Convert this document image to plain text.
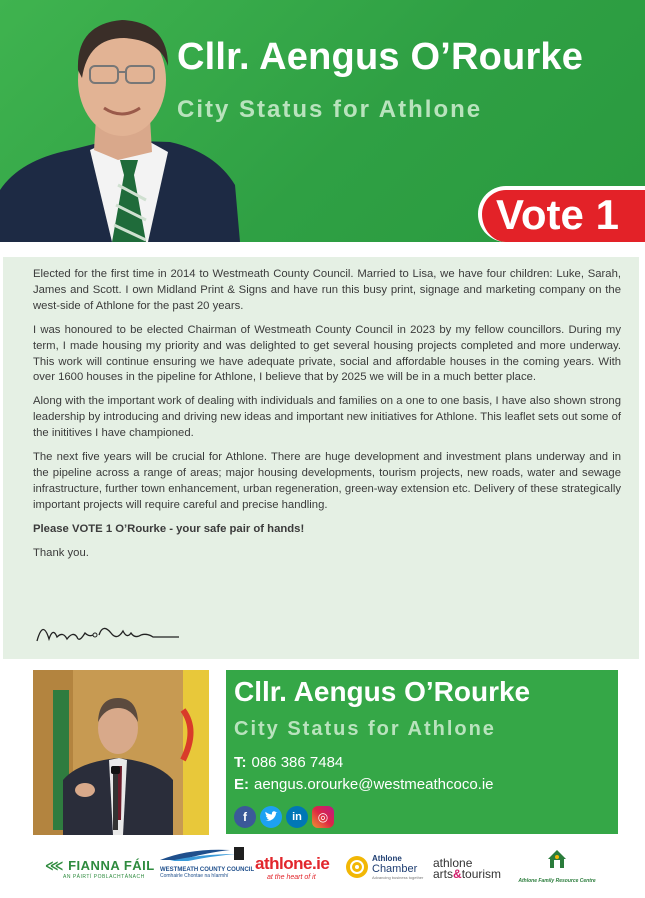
Cllr. Aengus O’Rourke
City Status for Athlone
Vote 1

Elected for the first time in 2014 to Westmeath County Council. Married to Lisa, we have four children: Luke, Sarah, James and Scott. I own Midland Print & Signs and have run this busy print, signage and marketing company on the west-side of Athlone for the past 20 years.

I was honoured to be elected Chairman of Westmeath County Council in 2023 by my fellow councillors. During my term, I made housing my priority and was delighted to get several housing projects completed and more underway. This work will continue ensuring we have adequate private, social and affordable houses in the coming years. With over 1600 houses in the pipeline for Athlone, I believe that by 2025 we will be in a much better place.

Along with the important work of dealing with individuals and families on a one to one basis, I have also shown strong leadership by introducing and driving new ideas and important new initiatives for Athlone. This leaflet sets out some of the inititives I have championed.

The next five years will be crucial for Athlone. There are huge development and investment plans underway and in the pipeline across a range of areas; major housing developments, tourism projects, new roads, water and sewage infrastructure, further town enhancement, urban regeneration, green-way extension etc. Delivery of these strategically important projects will require careful and precise handling.

Please VOTE 1 O’Rourke - your safe pair of hands!

Thank you.

Cllr. Aengus O’Rourke
City Status for Athlone
T: 086 386 7484
E: aengus.orourke@westmeathcoco.ie
f	in	◎
⋘ FIANNA FÁIL
AN PÁIRTÍ POBLACHTÁNACH
WESTMEATH COUNTY COUNCIL
Comhairle Chontae na hIarmhí
athlone.ie
at the heart of it
Athlone
Chamber
Advancing business together
athlone
arts&tourism	Athlone Family Resource Centre
